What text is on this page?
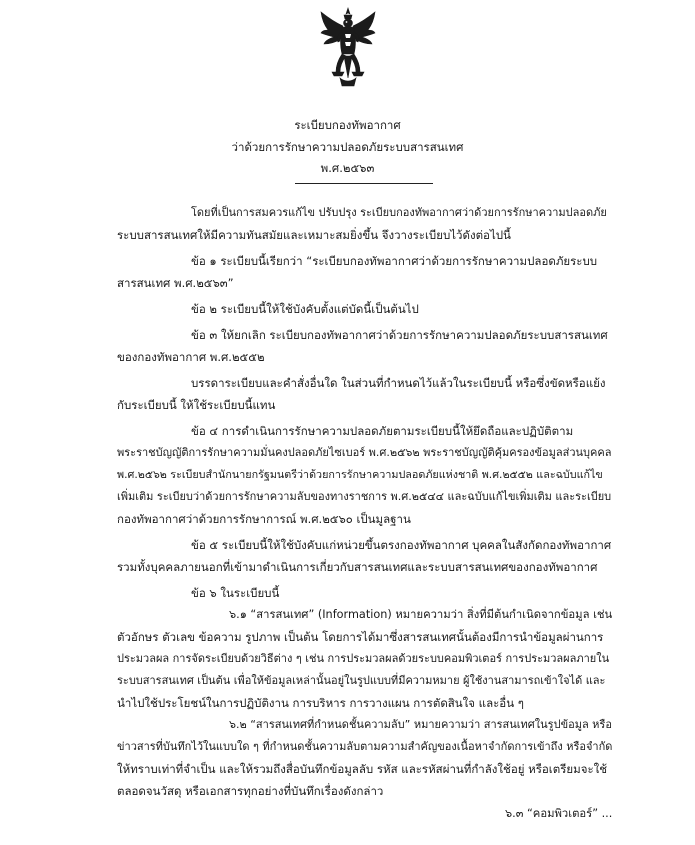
ระเบียบกองทัพอากาศ
ว่าด้วยการรักษาความปลอดภัยระบบสารสนเทศ
พ.ศ.๒๕๖๓
โดยที่เป็นการสมควรแก้ไข ปรับปรุง ระเบียบกองทัพอากาศว่าด้วยการรักษาความปลอดภัย
ระบบสารสนเทศให้มีความทันสมัยและเหมาะสมยิ่งขึ้น จึงวางระเบียบไว้ดังต่อไปนี้
ข้อ ๑ ระเบียบนี้เรียกว่า “ระเบียบกองทัพอากาศว่าด้วยการรักษาความปลอดภัยระบบ
สารสนเทศ พ.ศ.๒๕๖๓”
ข้อ ๒ ระเบียบนี้ให้ใช้บังคับตั้งแต่บัดนี้เป็นต้นไป
ข้อ ๓ ให้ยกเลิก ระเบียบกองทัพอากาศว่าด้วยการรักษาความปลอดภัยระบบสารสนเทศ
ของกองทัพอากาศ พ.ศ.๒๕๕๒
บรรดาระเบียบและคำสั่งอื่นใด ในส่วนที่กำหนดไว้แล้วในระเบียบนี้ หรือซึ่งขัดหรือแย้ง
กับระเบียบนี้ ให้ใช้ระเบียบนี้แทน
ข้อ ๔ การดำเนินการรักษาความปลอดภัยตามระเบียบนี้ให้ยึดถือและปฏิบัติตาม
พระราชบัญญัติการรักษาความมั่นคงปลอดภัยไซเบอร์ พ.ศ.๒๕๖๒ พระราชบัญญัติคุ้มครองข้อมูลส่วนบุคคล
พ.ศ.๒๕๖๒ ระเบียบสำนักนายกรัฐมนตรีว่าด้วยการรักษาความปลอดภัยแห่งชาติ พ.ศ.๒๕๕๒ และฉบับแก้ไข
เพิ่มเติม ระเบียบว่าด้วยการรักษาความลับของทางราชการ พ.ศ.๒๕๔๔ และฉบับแก้ไขเพิ่มเติม และระเบียบ
กองทัพอากาศว่าด้วยการรักษาการณ์ พ.ศ.๒๕๖๐ เป็นมูลฐาน
ข้อ ๕ ระเบียบนี้ให้ใช้บังคับแก่หน่วยขึ้นตรงกองทัพอากาศ บุคคลในสังกัดกองทัพอากาศ
รวมทั้งบุคคลภายนอกที่เข้ามาดำเนินการเกี่ยวกับสารสนเทศและระบบสารสนเทศของกองทัพอากาศ
ข้อ ๖ ในระเบียบนี้
๖.๑ “สารสนเทศ” (Information) หมายความว่า สิ่งที่มีต้นกำเนิดจากข้อมูล เช่น
ตัวอักษร ตัวเลข ข้อความ รูปภาพ เป็นต้น โดยการได้มาซึ่งสารสนเทศนั้นต้องมีการนำข้อมูลผ่านการ
ประมวลผล การจัดระเบียบด้วยวิธีต่าง ๆ เช่น การประมวลผลด้วยระบบคอมพิวเตอร์ การประมวลผลภายใน
ระบบสารสนเทศ เป็นต้น เพื่อให้ข้อมูลเหล่านั้นอยู่ในรูปแบบที่มีความหมาย ผู้ใช้งานสามารถเข้าใจได้ และ
นำไปใช้ประโยชน์ในการปฏิบัติงาน การบริหาร การวางแผน การตัดสินใจ และอื่น ๆ
๖.๒ “สารสนเทศที่กำหนดชั้นความลับ” หมายความว่า สารสนเทศในรูปข้อมูล หรือ
ข่าวสารที่บันทึกไว้ในแบบใด ๆ ที่กำหนดชั้นความลับตามความสำคัญของเนื้อหาจำกัดการเข้าถึง หรือจำกัด
ให้ทราบเท่าที่จำเป็น และให้รวมถึงสื่อบันทึกข้อมูลลับ รหัส และรหัสผ่านที่กำลังใช้อยู่ หรือเตรียมจะใช้
ตลอดจนวัสดุ หรือเอกสารทุกอย่างที่บันทึกเรื่องดังกล่าว
๖.๓ “คอมพิวเตอร์” ...
